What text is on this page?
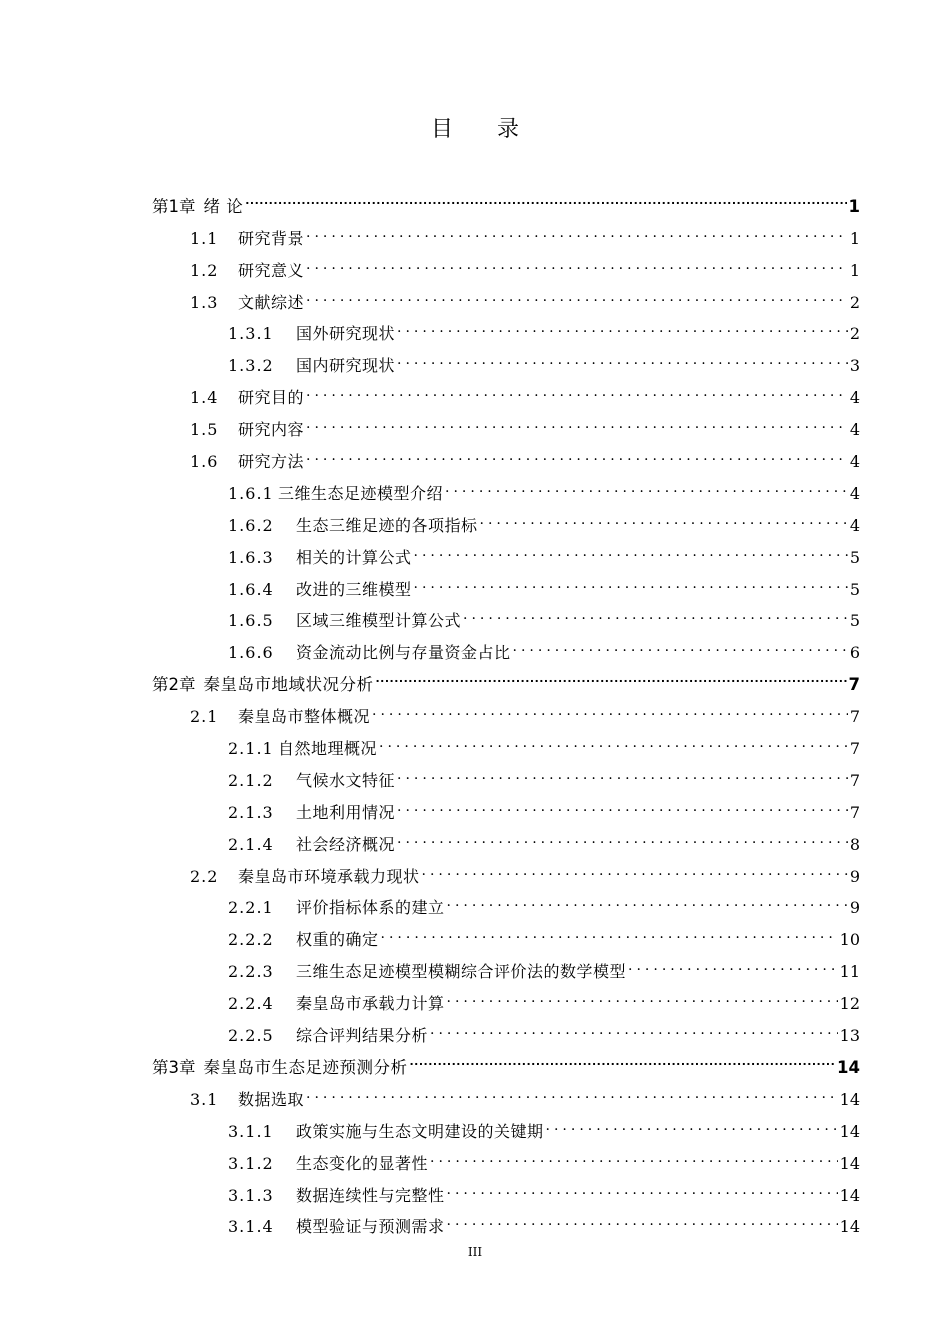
目录
第1章 绪 论 .....	1
1.1	研究背景 .....	1
1.2	研究意义 .....	1
1.3	文献综述 .....	2
1.3.1	国外研究现状 .....	2
1.3.2	国内研究现状 .....	3
1.4	研究目的 .....	4
1.5	研究内容 .....	4
1.6	研究方法 .....	4
1.6.1 三维生态足迹模型介绍 .....	4
1.6.2	生态三维足迹的各项指标 .....	4
1.6.3	相关的计算公式 .....	5
1.6.4	改进的三维模型 .....	5
1.6.5	区域三维模型计算公式 .....	5
1.6.6	资金流动比例与存量资金占比 .....	6
第2章 秦皇岛市地域状况分析 .....	7
2.1	秦皇岛市整体概况 .....	7
2.1.1 自然地理概况 .....	7
2.1.2	气候水文特征 .....	7
2.1.3	土地利用情况 .....	7
2.1.4	社会经济概况 .....	8
2.2	秦皇岛市环境承载力现状 .....	9
2.2.1	评价指标体系的建立 .....	9
2.2.2	权重的确定 .....	10
2.2.3	三维生态足迹模型模糊综合评价法的数学模型 .....	11
2.2.4	秦皇岛市承载力计算 .....	12
2.2.5	综合评判结果分析 .....	13
第3章 秦皇岛市生态足迹预测分析 .....	14
3.1	数据选取 .....	14
3.1.1	政策实施与生态文明建设的关键期 .....	14
3.1.2	生态变化的显著性 .....	14
3.1.3	数据连续性与完整性 .....	14
3.1.4	模型验证与预测需求 .....	14
III
